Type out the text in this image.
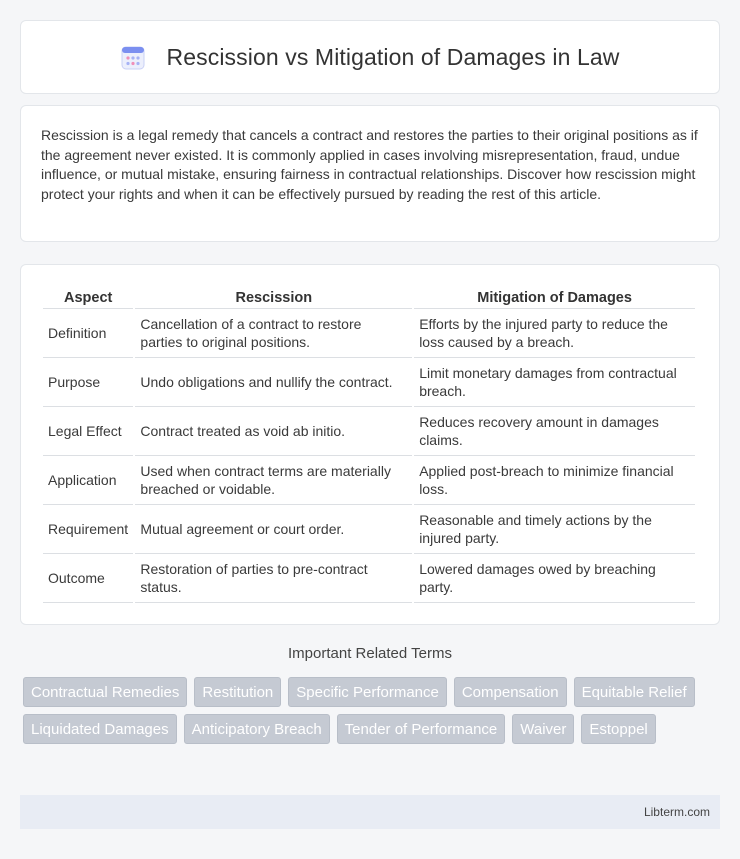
Rescission vs Mitigation of Damages in Law

Rescission is a legal remedy that cancels a contract and restores the parties to their original positions as if the agreement never existed. It is commonly applied in cases involving misrepresentation, fraud, undue influence, or mutual mistake, ensuring fairness in contractual relationships. Discover how rescission might protect your rights and when it can be effectively pursued by reading the rest of this article.

Aspect	Rescission	Mitigation of Damages
Definition	Cancellation of a contract to restore parties to original positions.	Efforts by the injured party to reduce the loss caused by a breach.
Purpose	Undo obligations and nullify the contract.	Limit monetary damages from contractual breach.
Legal Effect	Contract treated as void ab initio.	Reduces recovery amount in damages claims.
Application	Used when contract terms are materially breached or voidable.	Applied post-breach to minimize financial loss.
Requirement	Mutual agreement or court order.	Reasonable and timely actions by the injured party.
Outcome	Restoration of parties to pre-contract status.	Lowered damages owed by breaching party.
Important Related Terms
Contractual Remedies	Restitution	Specific Performance	Compensation	Equitable Relief
Liquidated Damages	Anticipatory Breach	Tender of Performance	Waiver	Estoppel
Libterm.com
